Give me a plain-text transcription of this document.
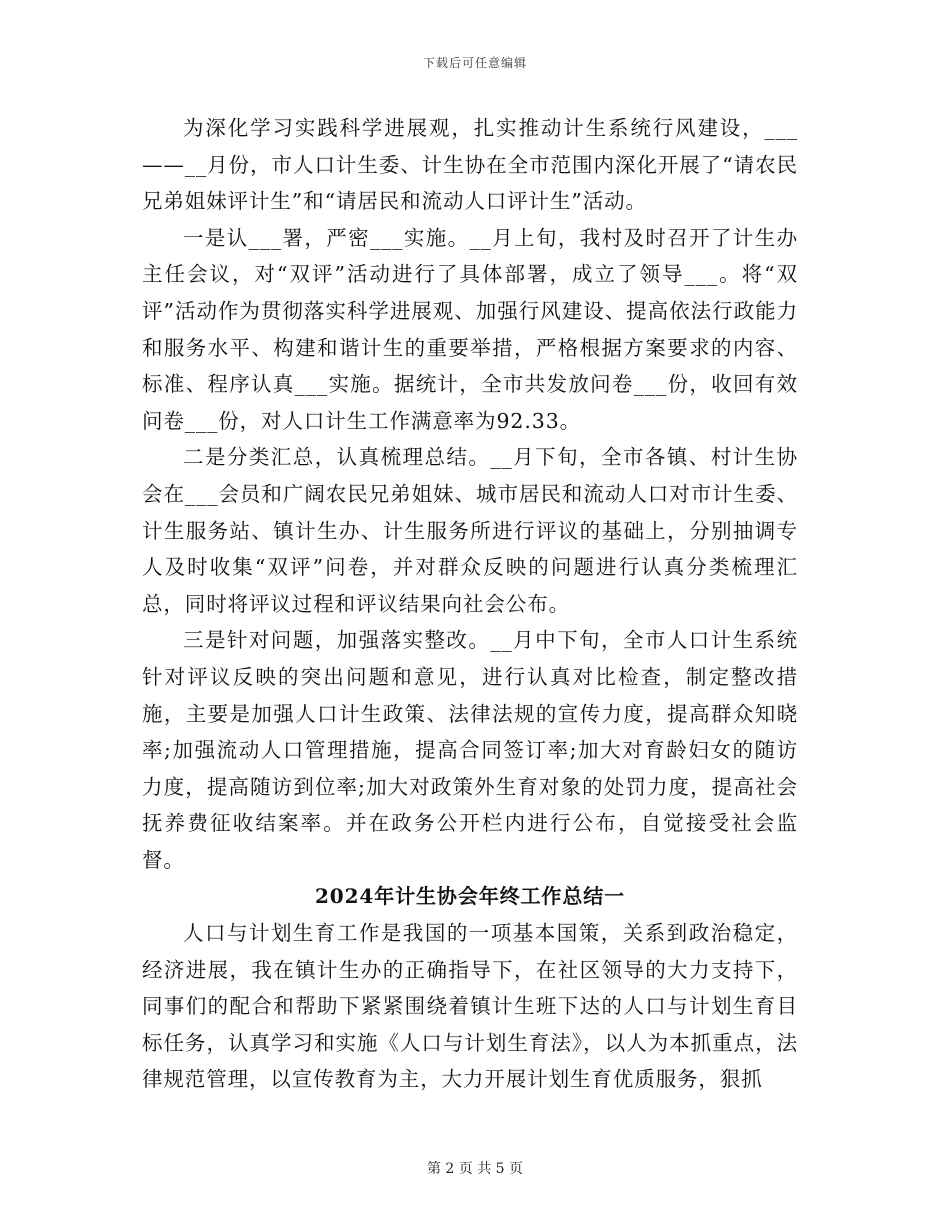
下载后可任意编辑

为深化学习实践科学进展观，扎实推动计生系统行风建设，___——__月份，市人口计生委、计生协在全市范围内深化开展了“请农民兄弟姐妹评计生”和“请居民和流动人口评计生”活动。

一是认___署，严密___实施。__月上旬，我村及时召开了计生办主任会议，对“双评”活动进行了具体部署，成立了领导___。将“双评”活动作为贯彻落实科学进展观、加强行风建设、提高依法行政能力和服务水平、构建和谐计生的重要举措，严格根据方案要求的内容、标准、程序认真___实施。据统计，全市共发放问卷___份，收回有效问卷___份，对人口计生工作满意率为92.33。

二是分类汇总，认真梳理总结。__月下旬，全市各镇、村计生协会在___会员和广阔农民兄弟姐妹、城市居民和流动人口对市计生委、计生服务站、镇计生办、计生服务所进行评议的基础上，分别抽调专人及时收集“双评”问卷，并对群众反映的问题进行认真分类梳理汇总，同时将评议过程和评议结果向社会公布。

三是针对问题，加强落实整改。__月中下旬，全市人口计生系统针对评议反映的突出问题和意见，进行认真对比检查，制定整改措施，主要是加强人口计生政策、法律法规的宣传力度，提高群众知晓率;加强流动人口管理措施，提高合同签订率;加大对育龄妇女的随访力度，提高随访到位率;加大对政策外生育对象的处罚力度，提高社会抚养费征收结案率。并在政务公开栏内进行公布，自觉接受社会监督。

2024年计生协会年终工作总结一

人口与计划生育工作是我国的一项基本国策，关系到政治稳定，经济进展，我在镇计生办的正确指导下，在社区领导的大力支持下，同事们的配合和帮助下紧紧围绕着镇计生班下达的人口与计划生育目标任务，认真学习和实施《人口与计划生育法》，以人为本抓重点，法律规范管理，以宣传教育为主，大力开展计划生育优质服务，狠抓

第 2 页 共 5 页
